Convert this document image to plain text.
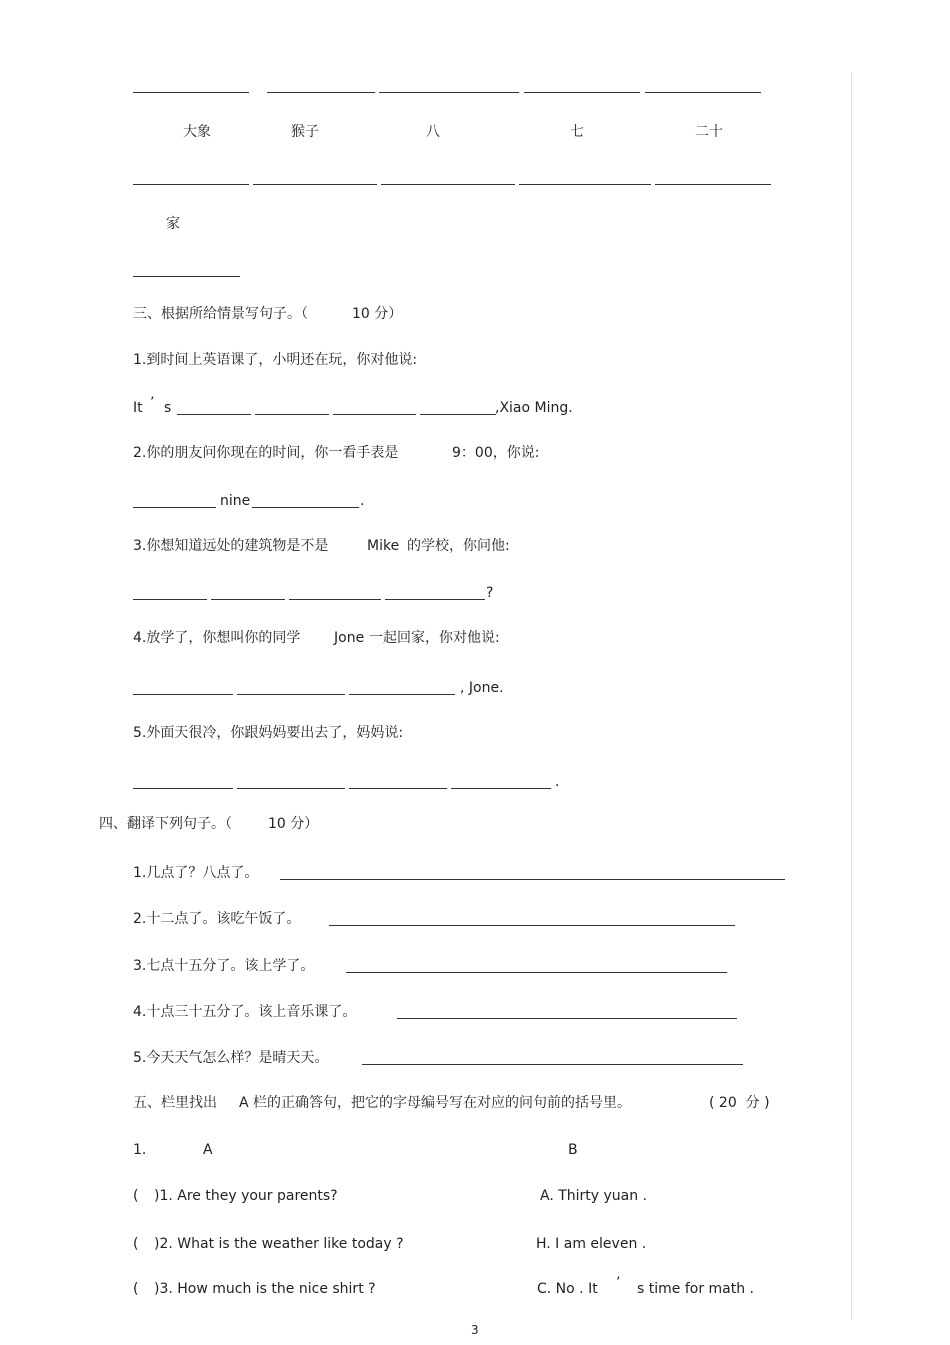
大象	猴子	八	七	二十
家
三、根据所给情景写句子。（	10 分）
1.到时间上英语课了，小明还在玩，你对他说:
It ’ s	,Xiao Ming.
2.你的朋友问你现在的时间，你一看手表是	9：00，你说:
nine	.
3.你想知道远处的建筑物是不是	Mike 的学校，你问他:
?
4.放学了，你想叫你的同学 Jone 一起回家，你对他说:
, Jone.
5.外面天很冷，你跟妈妈要出去了，妈妈说:
.
四、翻译下列句子。（	10 分）
1.几点了？八点了。
2.十二点了。该吃午饭了。
3.七点十五分了。该上学了。
4.十点三十五分了。该上音乐课了。
5.今天天气怎么样？是晴天天。
五、栏里找出 A 栏的正确答句，把它的字母编号写在对应的问句前的括号里。	( 20  分 )
1.	A	B
( )1. Are they your parents?	A. Thirty yuan .
( )2. What is the weather like today ?	H. I am eleven .
( )3. How much is the nice shirt ?	C. No . It ’ s time for math .
3
